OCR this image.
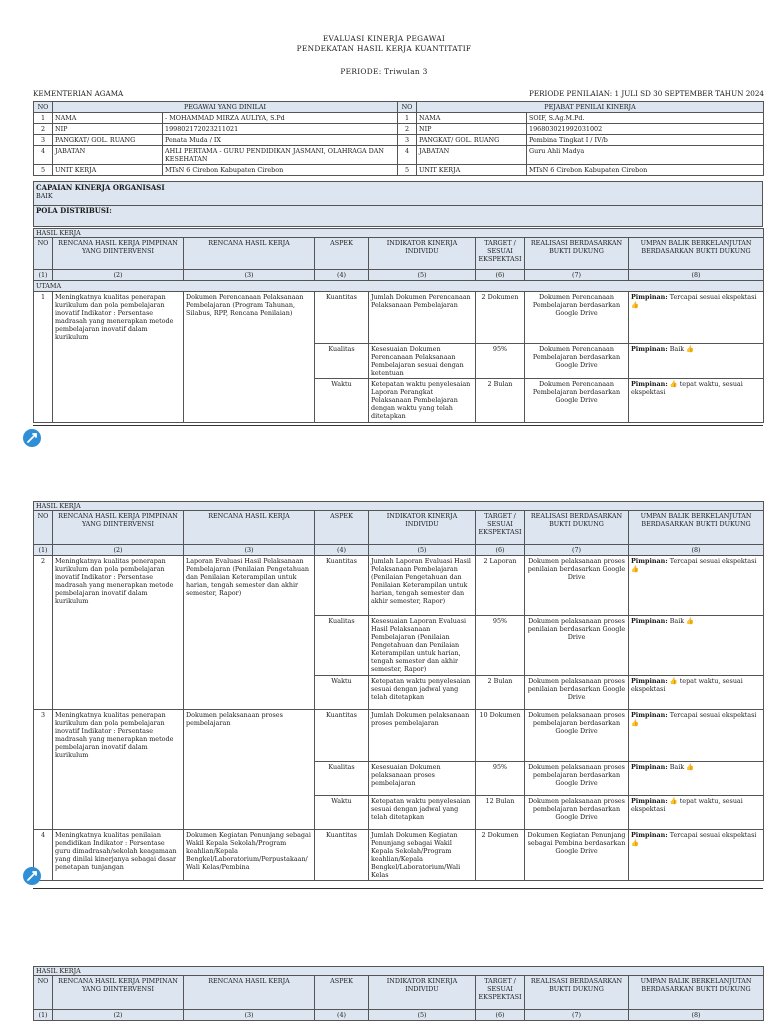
EVALUASI KINERJA PEGAWAI
PENDEKATAN HASIL KERJA KUANTITATIF
PERIODE: Triwulan 3
KEMENTERIAN AGAMA	PERIODE PENILAIAN: 1 JULI SD 30 SEPTEMBER TAHUN 2024
NO	PEGAWAI YANG DINILAI		NO	PEJABAT PENILAI KINERJA	
1	NAMA	- MOHAMMAD MIRZA AULIYA, S.Pd	1	NAMA	SOIF, S.Ag.M.Pd.
2	NIP	199802172023211021	2	NIP	196803021992031002
3	PANGKAT/ GOL. RUANG	Penata Muda / IX	3	PANGKAT/ GOL. RUANG	Pembina Tingkat I / IV/b
4	JABATAN	AHLI PERTAMA - GURU PENDIDIKAN JASMANI, OLAHRAGA DAN KESEHATAN	4	JABATAN	Guru Ahli Madya
5	UNIT KERJA	MTsN 6 Cirebon Kabupaten Cirebon	5	UNIT KERJA	MTsN 6 Cirebon Kabupaten Cirebon
CAPAIAN KINERJA ORGANISASI
BAIK

POLA DISTRIBUSI:
HASIL KERJA							
NO	RENCANA HASIL KERJA PIMPINAN YANG DIINTERVENSI	RENCANA HASIL KERJA	ASPEK	INDIKATOR KINERJA INDIVIDU	TARGET / SESUAI EKSPEKTASI	REALISASI BERDASARKAN BUKTI DUKUNG	UMPAN BALIK BERKELANJUTAN BERDASARKAN BUKTI DUKUNG
(1)	(2)	(3)	(4)	(5)	(6)	(7)	(8)
UTAMA							
1	Meningkatnya kualitas penerapan kurikulum dan pola pembelajaran inovatif Indikator : Persentase madrasah yang menerapkan metode pembelajaran inovatif dalam kurikulum	Dokumen Perencanaan Pelaksanaan Pembelajaran (Program Tahunan, Silabus, RPP, Rencana Penilaian)	Kuantitas	Jumlah Dokumen Perencanaan Pelaksanaan Pembelajaran	2 Dokumen	Dokumen Perencanaan Pembelajaran berdasarkan Google Drive	Pimpinan: Tercapai sesuai ekspektasi 👍
			Kualitas	Kesesuaian Dokumen Perencanaan Pelaksanaan Pembelajaran sesuai dengan ketentuan	95%	Dokumen Perencanaan Pembelajaran berdasarkan Google Drive	Pimpinan: Baik 👍
			Waktu	Ketepatan waktu penyelesaian Laporan Perangkat Pelaksanaan Pembelajaran dengan waktu yang telah ditetapkan	2 Bulan	Dokumen Perencanaan Pembelajaran berdasarkan Google Drive	Pimpinan: 👍 tepat waktu, sesuai ekspektasi
HASIL KERJA							
NO	RENCANA HASIL KERJA PIMPINAN YANG DIINTERVENSI	RENCANA HASIL KERJA	ASPEK	INDIKATOR KINERJA INDIVIDU	TARGET / SESUAI EKSPEKTASI	REALISASI BERDASARKAN BUKTI DUKUNG	UMPAN BALIK BERKELANJUTAN BERDASARKAN BUKTI DUKUNG
(1)	(2)	(3)	(4)	(5)	(6)	(7)	(8)
2	Meningkatnya kualitas penerapan kurikulum dan pola pembelajaran inovatif Indikator : Persentase madrasah yang menerapkan metode pembelajaran inovatif dalam kurikulum	Laporan Evaluasi Hasil Pelaksanaan Pembelajaran (Penilaian Pengetahuan dan Penilaian Keterampilan untuk harian, tengah semester dan akhir semester, Rapor)	Kuantitas	Jumlah Laporan Evaluasi Hasil Pelaksanaan Pembelajaran (Penilaian Pengetahuan dan Penilaian Keterampilan untuk harian, tengah semester dan akhir semester, Rapor)	2 Laporan	Dokumen pelaksanaan proses penilaian berdasarkan Google Drive	Pimpinan: Tercapai sesuai ekspektasi 👍
			Kualitas	Kesesuaian Laporan Evaluasi Hasil Pelaksanaan Pembelajaran (Penilaian Pengetahuan dan Penilaian Keterampilan untuk harian, tengah semester dan akhir semester, Rapor)	95%	Dokumen pelaksanaan proses penilaian berdasarkan Google Drive	Pimpinan: Baik 👍
			Waktu	Ketepatan waktu penyelesaian sesuai dengan jadwal yang telah ditetapkan	2 Bulan	Dokumen pelaksanaan proses penilaian berdasarkan Google Drive	Pimpinan: 👍 tepat waktu, sesuai ekspektasi
3	Meningkatnya kualitas penerapan kurikulum dan pola pembelajaran inovatif Indikator : Persentase madrasah yang menerapkan metode pembelajaran inovatif dalam kurikulum	Dokumen pelaksanaan proses pembelajaran	Kuantitas	Jumlah Dokumen pelaksanaan proses pembelajaran	10 Dokumen	Dokumen pelaksanaan proses pembelajaran berdasarkan Google Drive	Pimpinan: Tercapai sesuai ekspektasi 👍
			Kualitas	Kesesuaian Dokumen pelaksanaan proses pembelajaran	95%	Dokumen pelaksanaan proses pembelajaran berdasarkan Google Drive	Pimpinan: Baik 👍
			Waktu	Ketepatan waktu penyelesaian sesuai dengan jadwal yang telah ditetapkan	12 Bulan	Dokumen pelaksanaan proses pembelajaran berdasarkan Google Drive	Pimpinan: 👍 tepat waktu, sesuai ekspektasi
4	Meningkatnya kualitas penilaian pendidikan Indikator : Persentase guru dimadrasah/sekolah keagamaan yang dinilai kinerjanya sebagai dasar penetapan tunjangan	Dokumen Kegiatan Penunjang sebagai Wakil Kepala Sekolah/Program keahlian/Kepala Bengkel/Laboratorium/Perpustakaan/Wali Kelas/Pembina	Kuantitas	Jumlah Dokumen Kegiatan Penunjang sebagai Wakil Kepala Sekolah/Program keahlian/Kepala Bengkel/Laboratorium/Wali Kelas	2 Dokumen	Dokumen Kegiatan Penunjang sebagai Pembina berdasarkan Google Drive	Pimpinan: Tercapai sesuai ekspektasi 👍
HASIL KERJA							
NO	RENCANA HASIL KERJA PIMPINAN YANG DIINTERVENSI	RENCANA HASIL KERJA	ASPEK	INDIKATOR KINERJA INDIVIDU	TARGET / SESUAI EKSPEKTASI	REALISASI BERDASARKAN BUKTI DUKUNG	UMPAN BALIK BERKELANJUTAN BERDASARKAN BUKTI DUKUNG
(1)	(2)	(3)	(4)	(5)	(6)	(7)	(8)
